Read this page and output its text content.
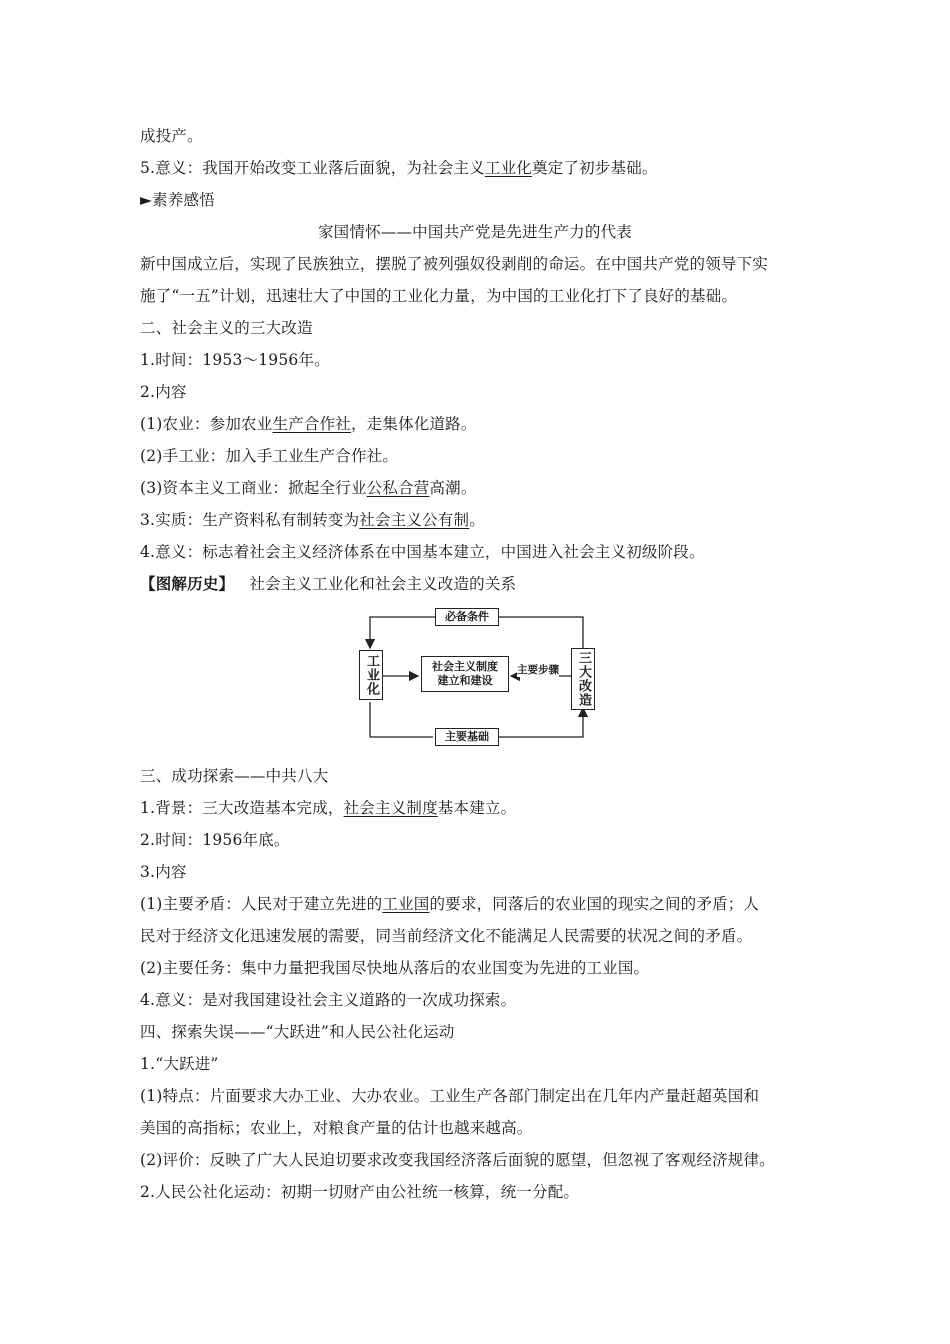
成投产。
5.意义：我国开始改变工业落后面貌，为社会主义工业化奠定了初步基础。
►素养感悟
家国情怀——中国共产党是先进生产力的代表
新中国成立后，实现了民族独立，摆脱了被列强奴役剥削的命运。在中国共产党的领导下实
施了“一五”计划，迅速壮大了中国的工业化力量，为中国的工业化打下了良好的基础。
二、社会主义的三大改造
1.时间：1953～1956年。
2.内容
(1)农业：参加农业生产合作社，走集体化道路。
(2)手工业：加入手工业生产合作社。
(3)资本主义工商业：掀起全行业公私合营高潮。
3.实质：生产资料私有制转变为社会主义公有制。
4.意义：标志着社会主义经济体系在中国基本建立，中国进入社会主义初级阶段。
【图解历史】 社会主义工业化和社会主义改造的关系
必备条件
主要基础
工业化	三大改造
社会主义制度建立和建设
主要步骤
三、成功探索——中共八大
1.背景：三大改造基本完成，社会主义制度基本建立。
2.时间：1956年底。
3.内容
(1)主要矛盾：人民对于建立先进的工业国的要求，同落后的农业国的现实之间的矛盾；人
民对于经济文化迅速发展的需要，同当前经济文化不能满足人民需要的状况之间的矛盾。
(2)主要任务：集中力量把我国尽快地从落后的农业国变为先进的工业国。
4.意义：是对我国建设社会主义道路的一次成功探索。
四、探索失误——“大跃进”和人民公社化运动
1.“大跃进”
(1)特点：片面要求大办工业、大办农业。工业生产各部门制定出在几年内产量赶超英国和
美国的高指标；农业上，对粮食产量的估计也越来越高。
(2)评价：反映了广大人民迫切要求改变我国经济落后面貌的愿望，但忽视了客观经济规律。
2.人民公社化运动：初期一切财产由公社统一核算，统一分配。
